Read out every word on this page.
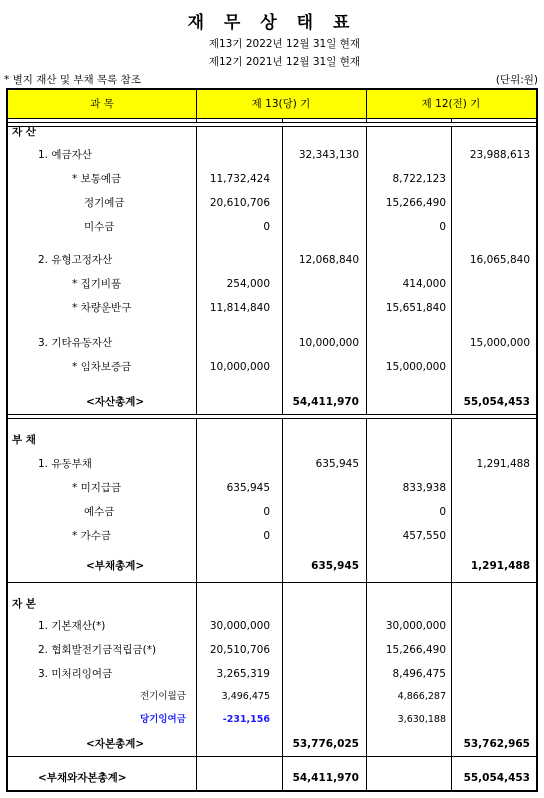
재 무 상 태 표
제13기 2022년 12월 31일 현재
제12기 2021년 12월 31일 현재
* 별지 재산 및 부채 목록 참조	(단위:원)
과 목	제 13(당) 기	제 12(전) 기
자 산
1. 예금자산	32,343,130	23,988,613
* 보통예금	11,732,424	8,722,123
정기예금	20,610,706	15,266,490
미수금	0	0
2. 유형고정자산	12,068,840	16,065,840
* 집기비품	254,000	414,000
* 차량운반구	11,814,840	15,651,840
3. 기타유동자산	10,000,000	15,000,000
* 임차보증금	10,000,000	15,000,000
<자산총계>	54,411,970	55,054,453
부 채
1. 유동부채	635,945	1,291,488
* 미지급금	635,945	833,938
예수금	0	0
* 가수금	0	457,550
<부채총계>	635,945	1,291,488
자 본
1. 기본재산(*)	30,000,000	30,000,000
2. 협회발전기금적립금(*)	20,510,706	15,266,490
3. 미처리잉여금	3,265,319	8,496,475
전기이월금	3,496,475	4,866,287
당기잉여금	-231,156	3,630,188
<자본총계>	53,776,025	53,762,965
<부채와자본총계>	54,411,970	55,054,453
